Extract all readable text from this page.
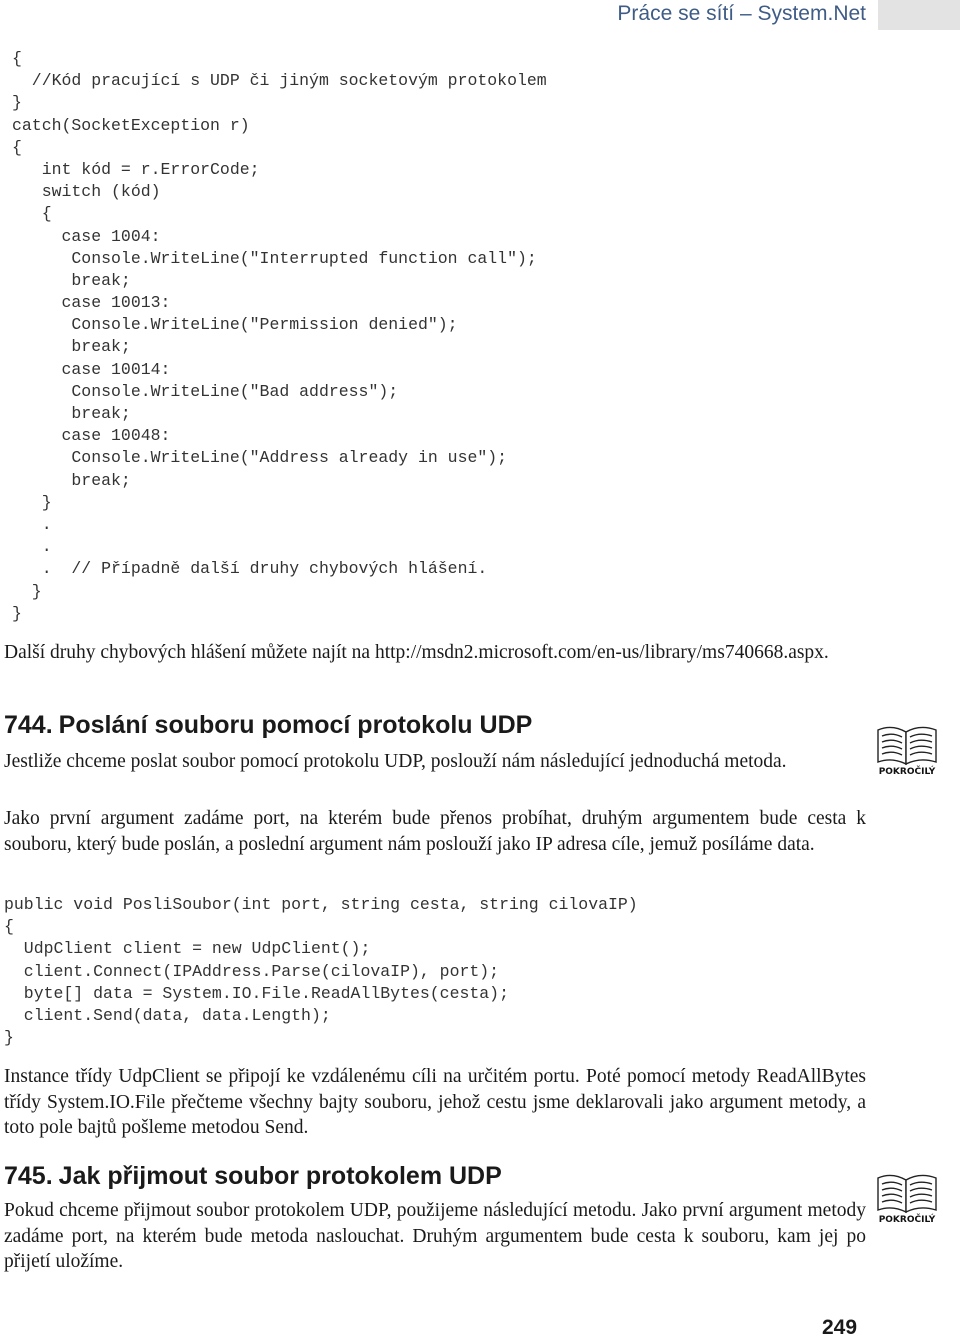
Práce se sítí – System.Net
{
//Kód pracující s UDP či jiným socketovým protokolem
}
catch(SocketException r)
{
int kód = r.ErrorCode;
switch (kód)
{
case 1004:
Console.WriteLine("Interrupted function call");
break;
case 10013:
Console.WriteLine("Permission denied");
break;
case 10014:
Console.WriteLine("Bad address");
break;
case 10048:
Console.WriteLine("Address already in use");
break;
}
.
.
.  // Případně další druhy chybových hlášení.
}
}
Další druhy chybových hlášení můžete najít na http://msdn2.microsoft.com/en-us/library/ms740668.aspx.
744. Poslání souboru pomocí protokolu UDP
POKROČILÝ
Jestliže chceme poslat soubor pomocí protokolu UDP, poslouží nám následující jednoduchá metoda.
Jako první argument zadáme port, na kterém bude přenos probíhat, druhým argumentem bude cesta k souboru, který bude poslán, a poslední argument nám poslouží jako IP adresa cíle, jemuž posíláme data.
public void PosliSoubor(int port, string cesta, string cilovaIP)
{
UdpClient client = new UdpClient();
client.Connect(IPAddress.Parse(cilovaIP), port);
byte[] data = System.IO.File.ReadAllBytes(cesta);
client.Send(data, data.Length);
}
Instance třídy UdpClient se připojí ke vzdálenému cíli na určitém portu. Poté pomocí metody ReadAllBytes třídy System.IO.File přečteme všechny bajty souboru, jehož cestu jsme deklarovali jako argument metody, a toto pole bajtů pošleme metodou Send.
745. Jak přijmout soubor protokolem UDP
POKROČILÝ
Pokud chceme přijmout soubor protokolem UDP, použijeme následující metodu. Jako první argument metody zadáme port, na kterém bude metoda naslouchat. Druhým argumentem bude cesta k souboru, kam jej po přijetí uložíme.
249
